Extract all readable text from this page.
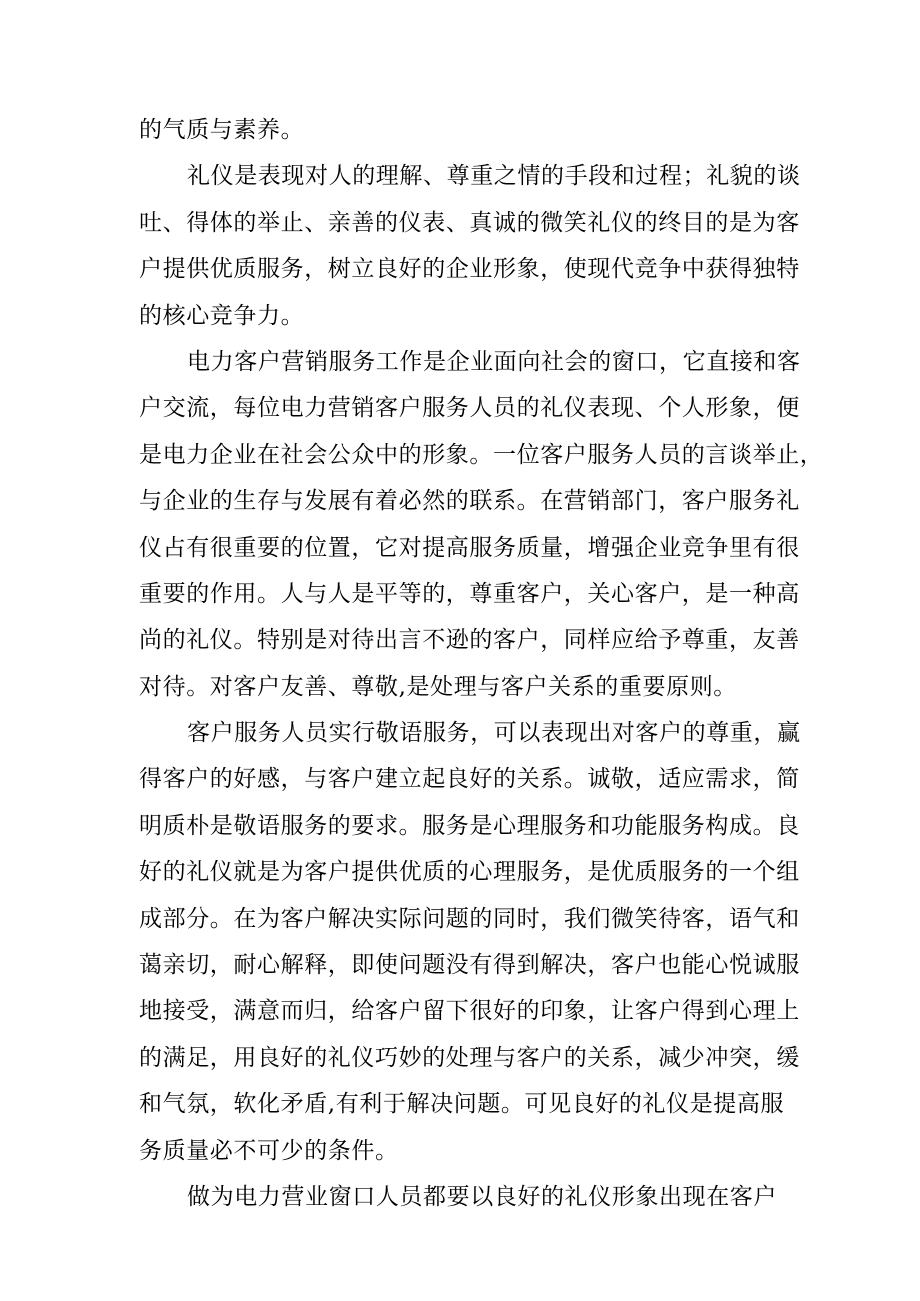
的气质与素养。
礼仪是表现对人的理解、尊重之情的手段和过程；礼貌的谈
吐、得体的举止、亲善的仪表、真诚的微笑礼仪的终目的是为客
户提供优质服务，树立良好的企业形象，使现代竞争中获得独特
的核心竞争力。
电力客户营销服务工作是企业面向社会的窗口，它直接和客
户交流，每位电力营销客户服务人员的礼仪表现、个人形象，便
是电力企业在社会公众中的形象。一位客户服务人员的言谈举止，
与企业的生存与发展有着必然的联系。在营销部门，客户服务礼
仪占有很重要的位置，它对提高服务质量，增强企业竞争里有很
重要的作用。人与人是平等的，尊重客户，关心客户，是一种高
尚的礼仪。特别是对待出言不逊的客户，同样应给予尊重，友善
对待。对客户友善、尊敬,是处理与客户关系的重要原则。
客户服务人员实行敬语服务，可以表现出对客户的尊重，赢
得客户的好感，与客户建立起良好的关系。诚敬，适应需求，简
明质朴是敬语服务的要求。服务是心理服务和功能服务构成。良
好的礼仪就是为客户提供优质的心理服务，是优质服务的一个组
成部分。在为客户解决实际问题的同时，我们微笑待客，语气和
蔼亲切，耐心解释，即使问题没有得到解决，客户也能心悦诚服
地接受，满意而归，给客户留下很好的印象，让客户得到心理上
的满足，用良好的礼仪巧妙的处理与客户的关系，减少冲突，缓
和气氛，软化矛盾,有利于解决问题。可见良好的礼仪是提高服
务质量必不可少的条件。
做为电力营业窗口人员都要以良好的礼仪形象出现在客户
